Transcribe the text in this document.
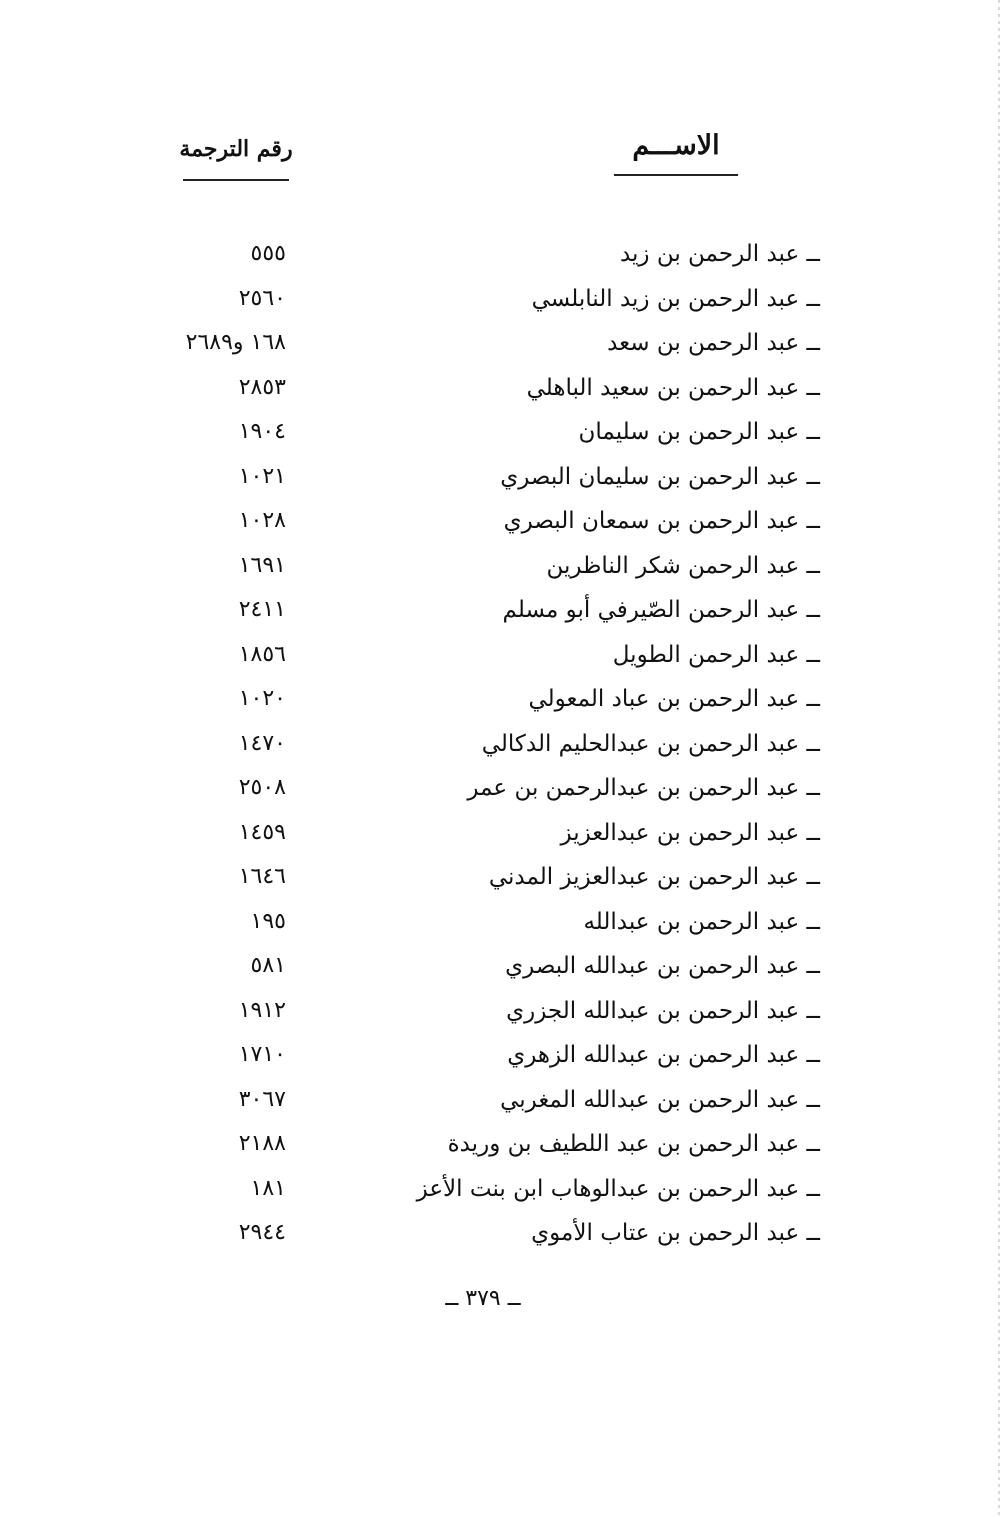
الاســـم
رقم الترجمة
ــ عبد الرحمن بن زيد
٥٥٥
ــ عبد الرحمن بن زيد النابلسي
٢٥٦٠
ــ عبد الرحمن بن سعد
١٦٨ و٢٦٨٩
ــ عبد الرحمن بن سعيد الباهلي
٢٨٥٣
ــ عبد الرحمن بن سليمان
١٩٠٤
ــ عبد الرحمن بن سليمان البصري
١٠٢١
ــ عبد الرحمن بن سمعان البصري
١٠٢٨
ــ عبد الرحمن شكر الناظرين
١٦٩١
ــ عبد الرحمن الصّيرفي أبو مسلم
٢٤١١
ــ عبد الرحمن الطويل
١٨٥٦
ــ عبد الرحمن بن عباد المعولي
١٠٢٠
ــ عبد الرحمن بن عبدالحليم الدكالي
١٤٧٠
ــ عبد الرحمن بن عبدالرحمن بن عمر
٢٥٠٨
ــ عبد الرحمن بن عبدالعزيز
١٤٥٩
ــ عبد الرحمن بن عبدالعزيز المدني
١٦٤٦
ــ عبد الرحمن بن عبدالله
١٩٥
ــ عبد الرحمن بن عبدالله البصري
٥٨١
ــ عبد الرحمن بن عبدالله الجزري
١٩١٢
ــ عبد الرحمن بن عبدالله الزهري
١٧١٠
ــ عبد الرحمن بن عبدالله المغربي
٣٠٦٧
ــ عبد الرحمن بن عبد اللطيف بن وريدة
٢١٨٨
ــ عبد الرحمن بن عبدالوهاب ابن بنت الأعز
١٨١
ــ عبد الرحمن بن عتاب الأموي
٢٩٤٤
ــ ٣٧٩ ــ
